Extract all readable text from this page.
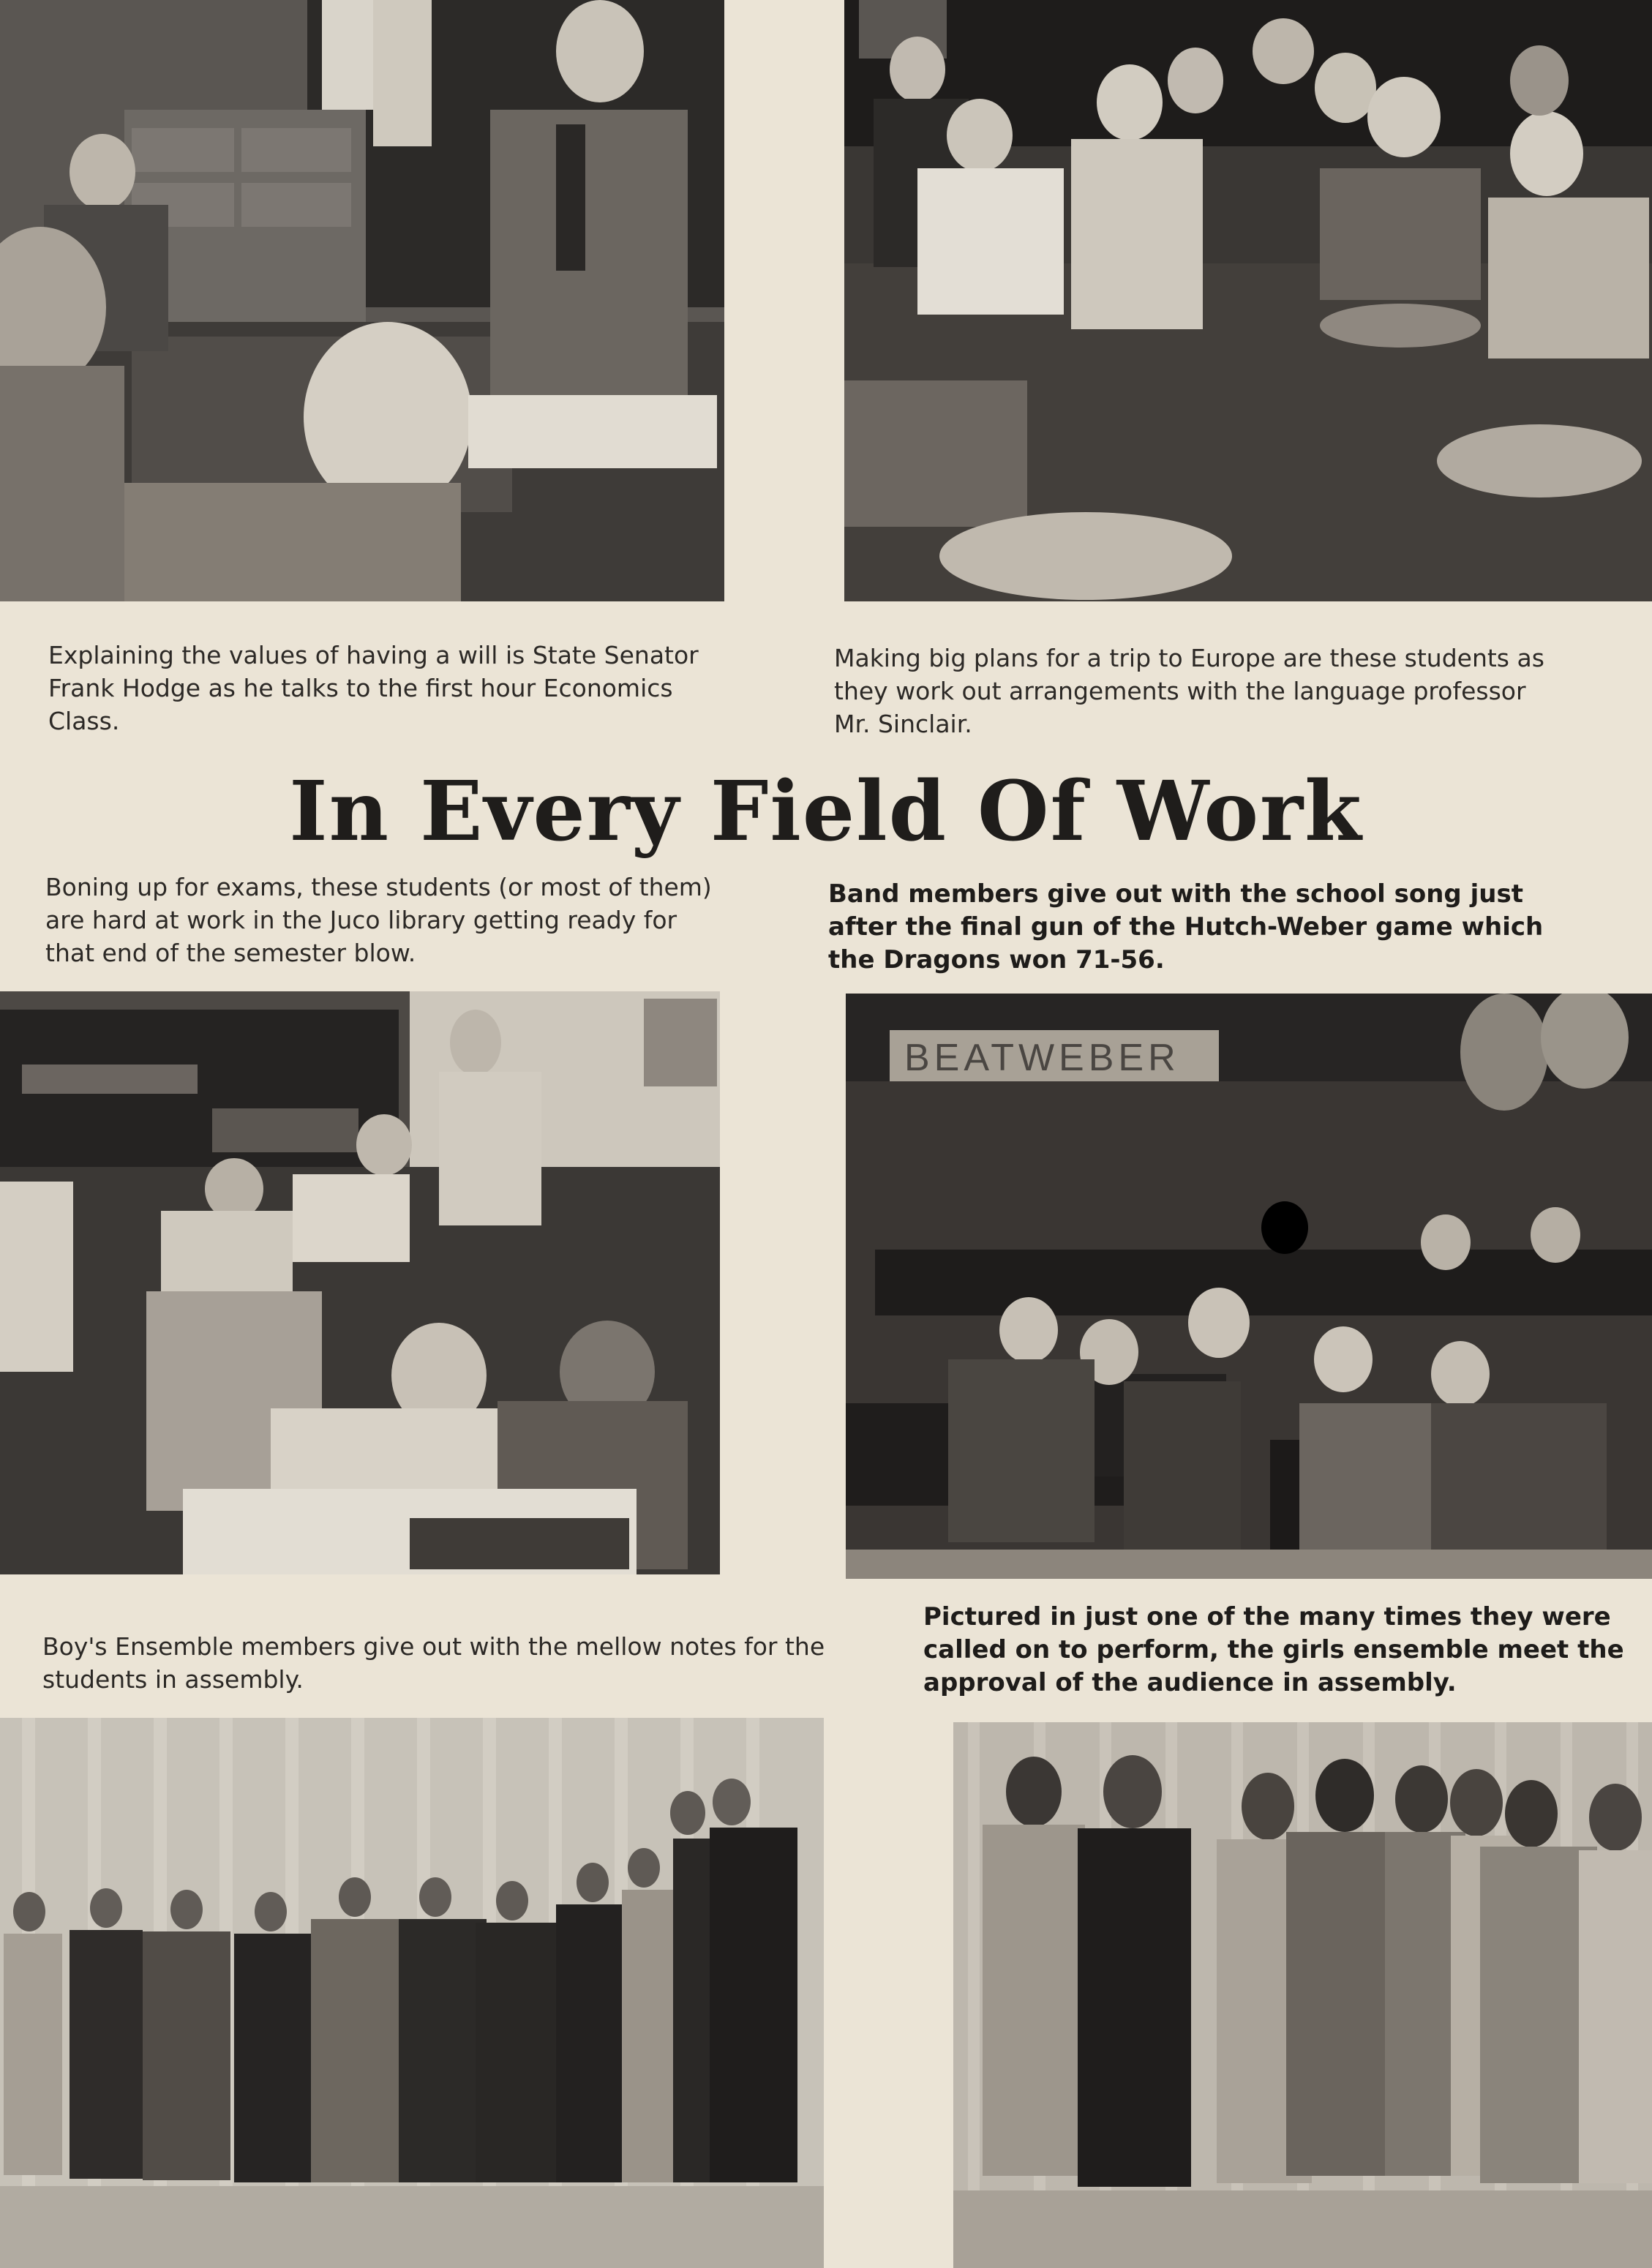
Explaining the values of having a will is State Senator Frank Hodge as he talks to the first hour Economics Class.

Making big plans for a trip to Europe are these students as they work out arrangements with the language professor Mr. Sinclair.

In Every Field Of Work

Boning up for exams, these students (or most of them) are hard at work in the Juco library getting ready for that end of the semester blow.

Band members give out with the school song just after the final gun of the Hutch-Weber game which the Dragons won 71-56.

BEATWEBER

Boy's Ensemble members give out with the mellow notes for the students in assembly.

Pictured in just one of the many times they were called on to perform, the girls ensemble meet the approval of the audience in assembly.
